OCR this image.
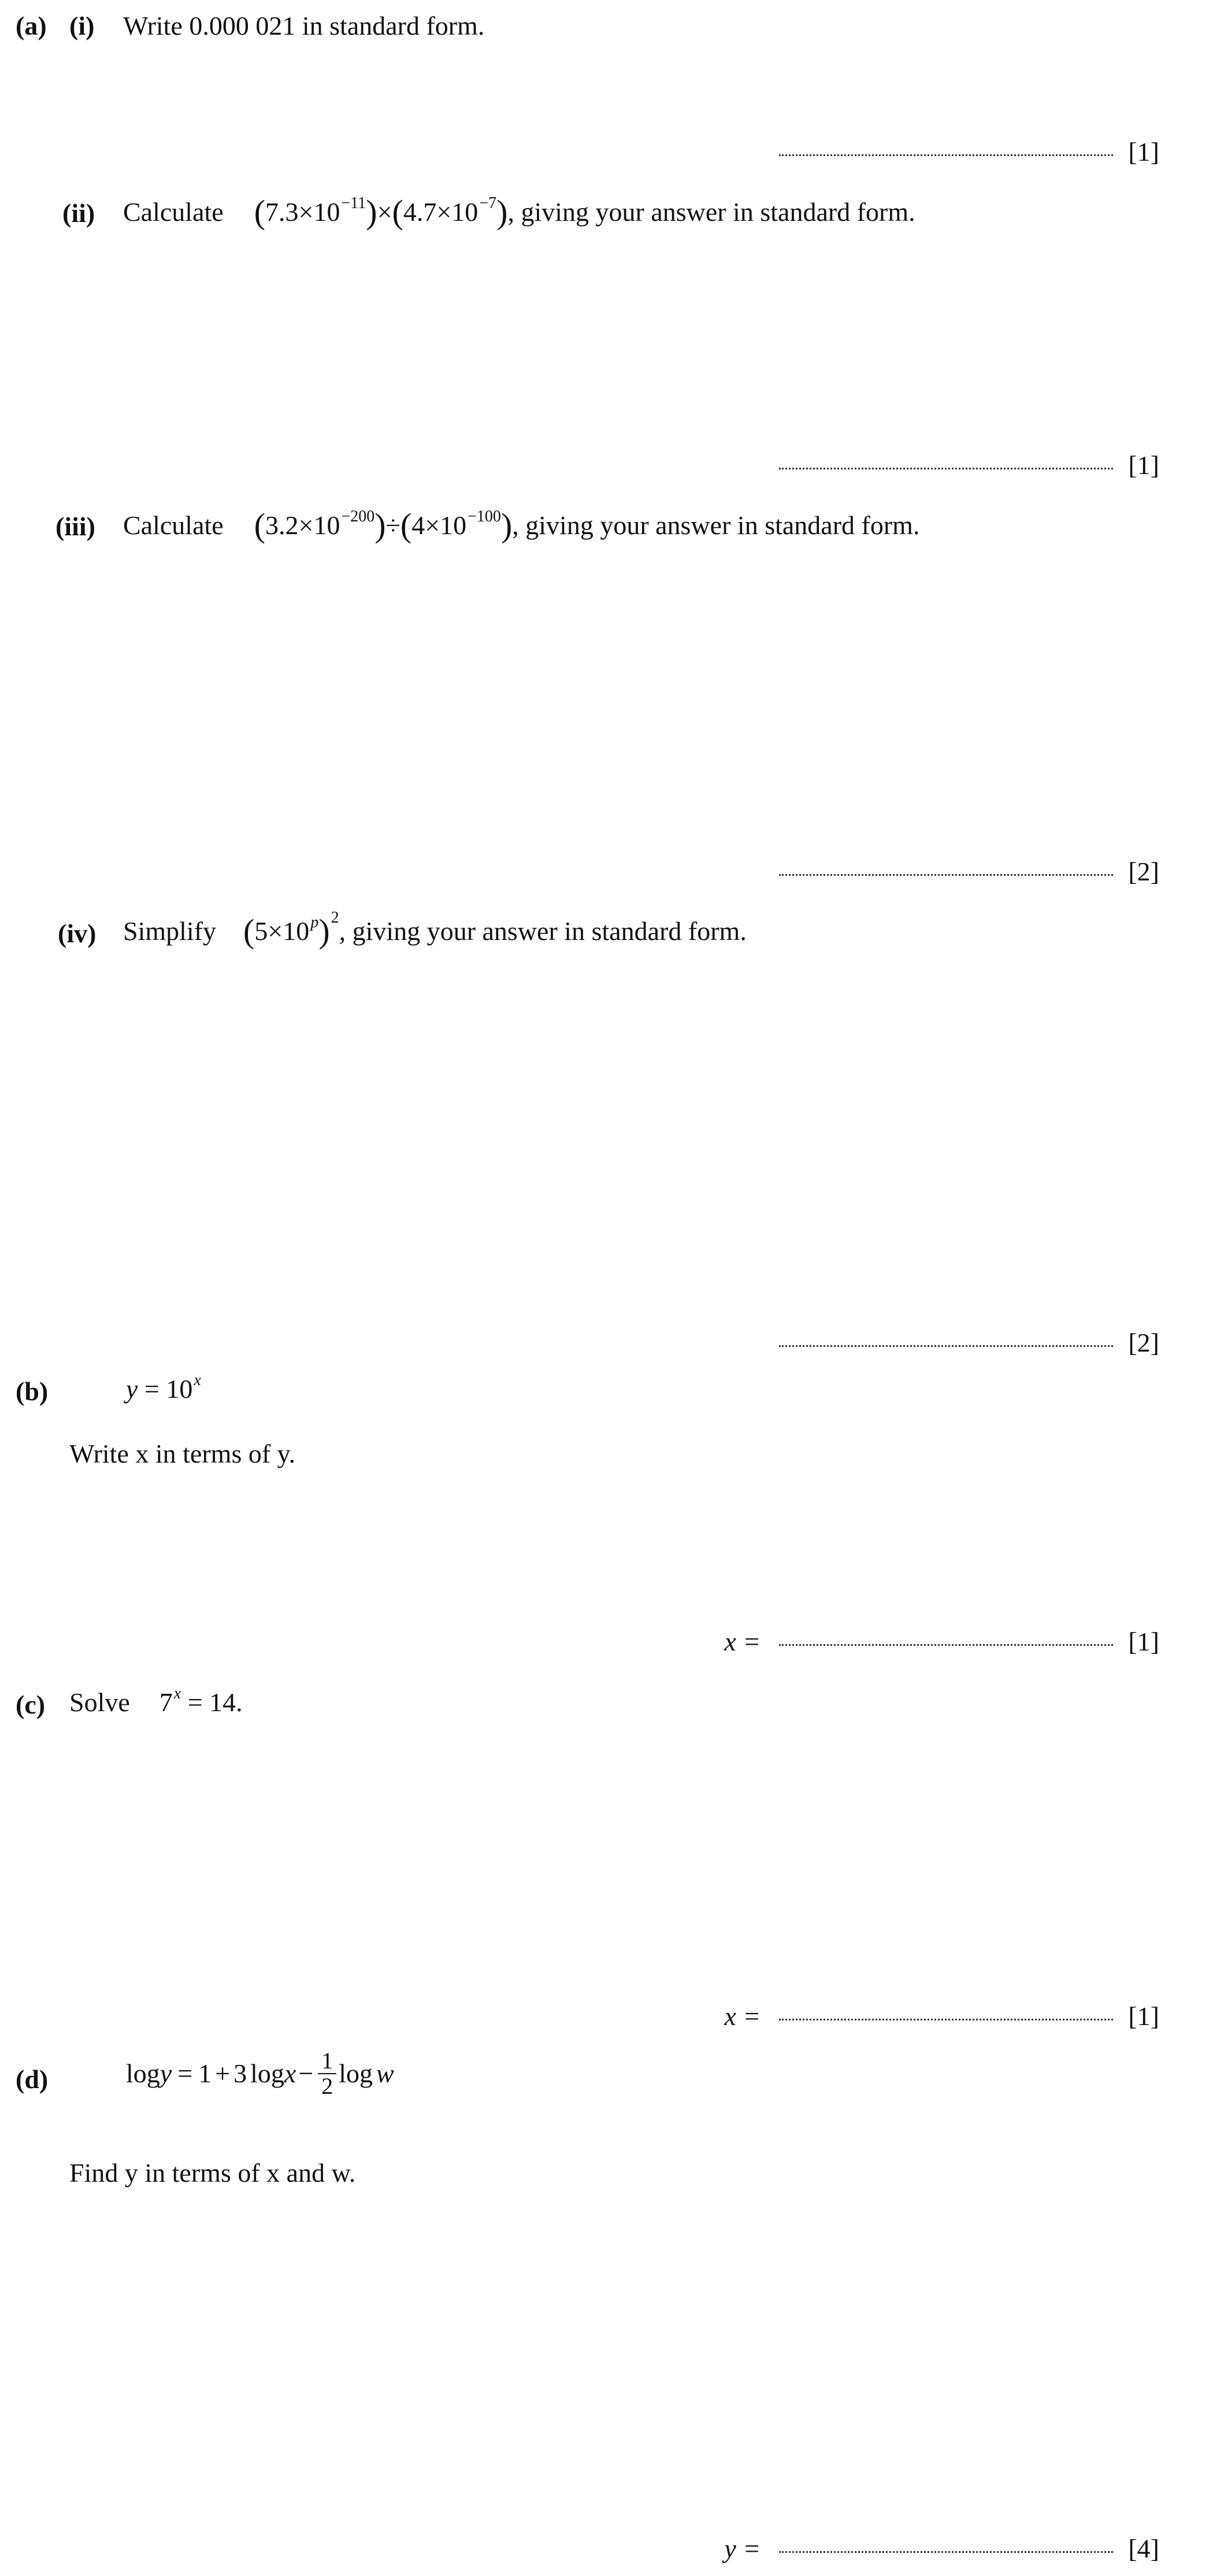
(a) (i) Write 0.000 021 in standard form.
[1]
(ii) Calculate $(7.3\times 10^{-11})\times(4.7\times 10^{-7})$, giving your answer in standard form.
[1]
(iii) Calculate $(3.2\times 10^{-200})\div(4\times 10^{-100})$, giving your answer in standard form.
[2]
(iv) Simplify $(5\times 10^p)^2$, giving your answer in standard form.
[2]
(b)	$y = 10^x$
Write x in terms of y.
x =	[1]
(c) Solve $7^x = 14$.
x =	[1]
(d)	log y = 1 + 3 $\log x - \frac{1}{2}$ log w
Find y in terms of x and w.
y =	[4]
